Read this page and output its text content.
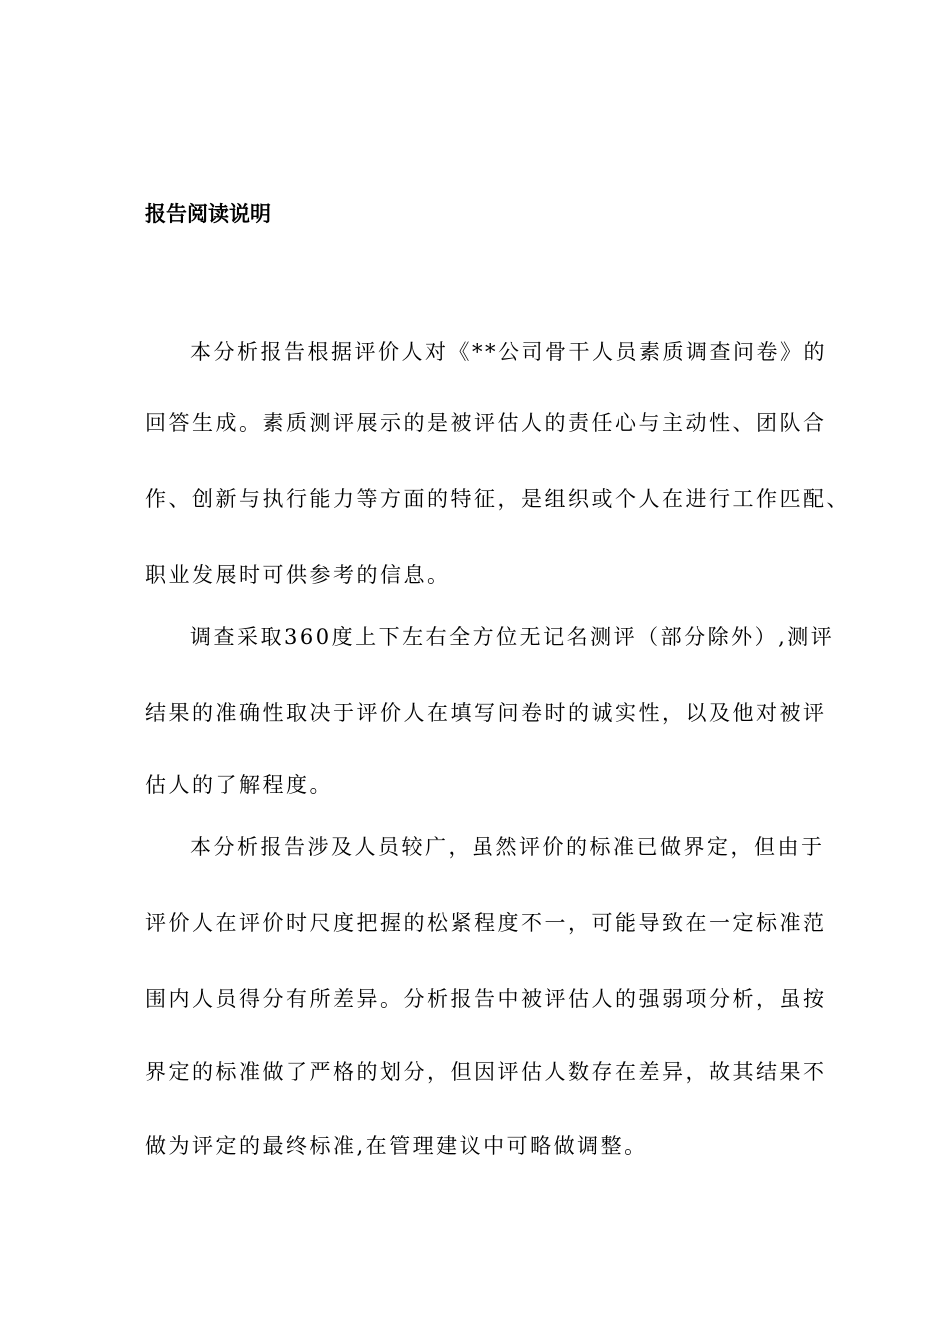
报告阅读说明

本分析报告根据评价人对《**公司骨干人员素质调查问卷》的

回答生成。素质测评展示的是被评估人的责任心与主动性、团队合

作、创新与执行能力等方面的特征，是组织或个人在进行工作匹配、

职业发展时可供参考的信息。

调查采取360度上下左右全方位无记名测评（部分除外）,测评

结果的准确性取决于评价人在填写问卷时的诚实性，以及他对被评

估人的了解程度。

本分析报告涉及人员较广，虽然评价的标准已做界定，但由于

评价人在评价时尺度把握的松紧程度不一，可能导致在一定标准范

围内人员得分有所差异。分析报告中被评估人的强弱项分析，虽按

界定的标准做了严格的划分，但因评估人数存在差异，故其结果不

做为评定的最终标准,在管理建议中可略做调整。
